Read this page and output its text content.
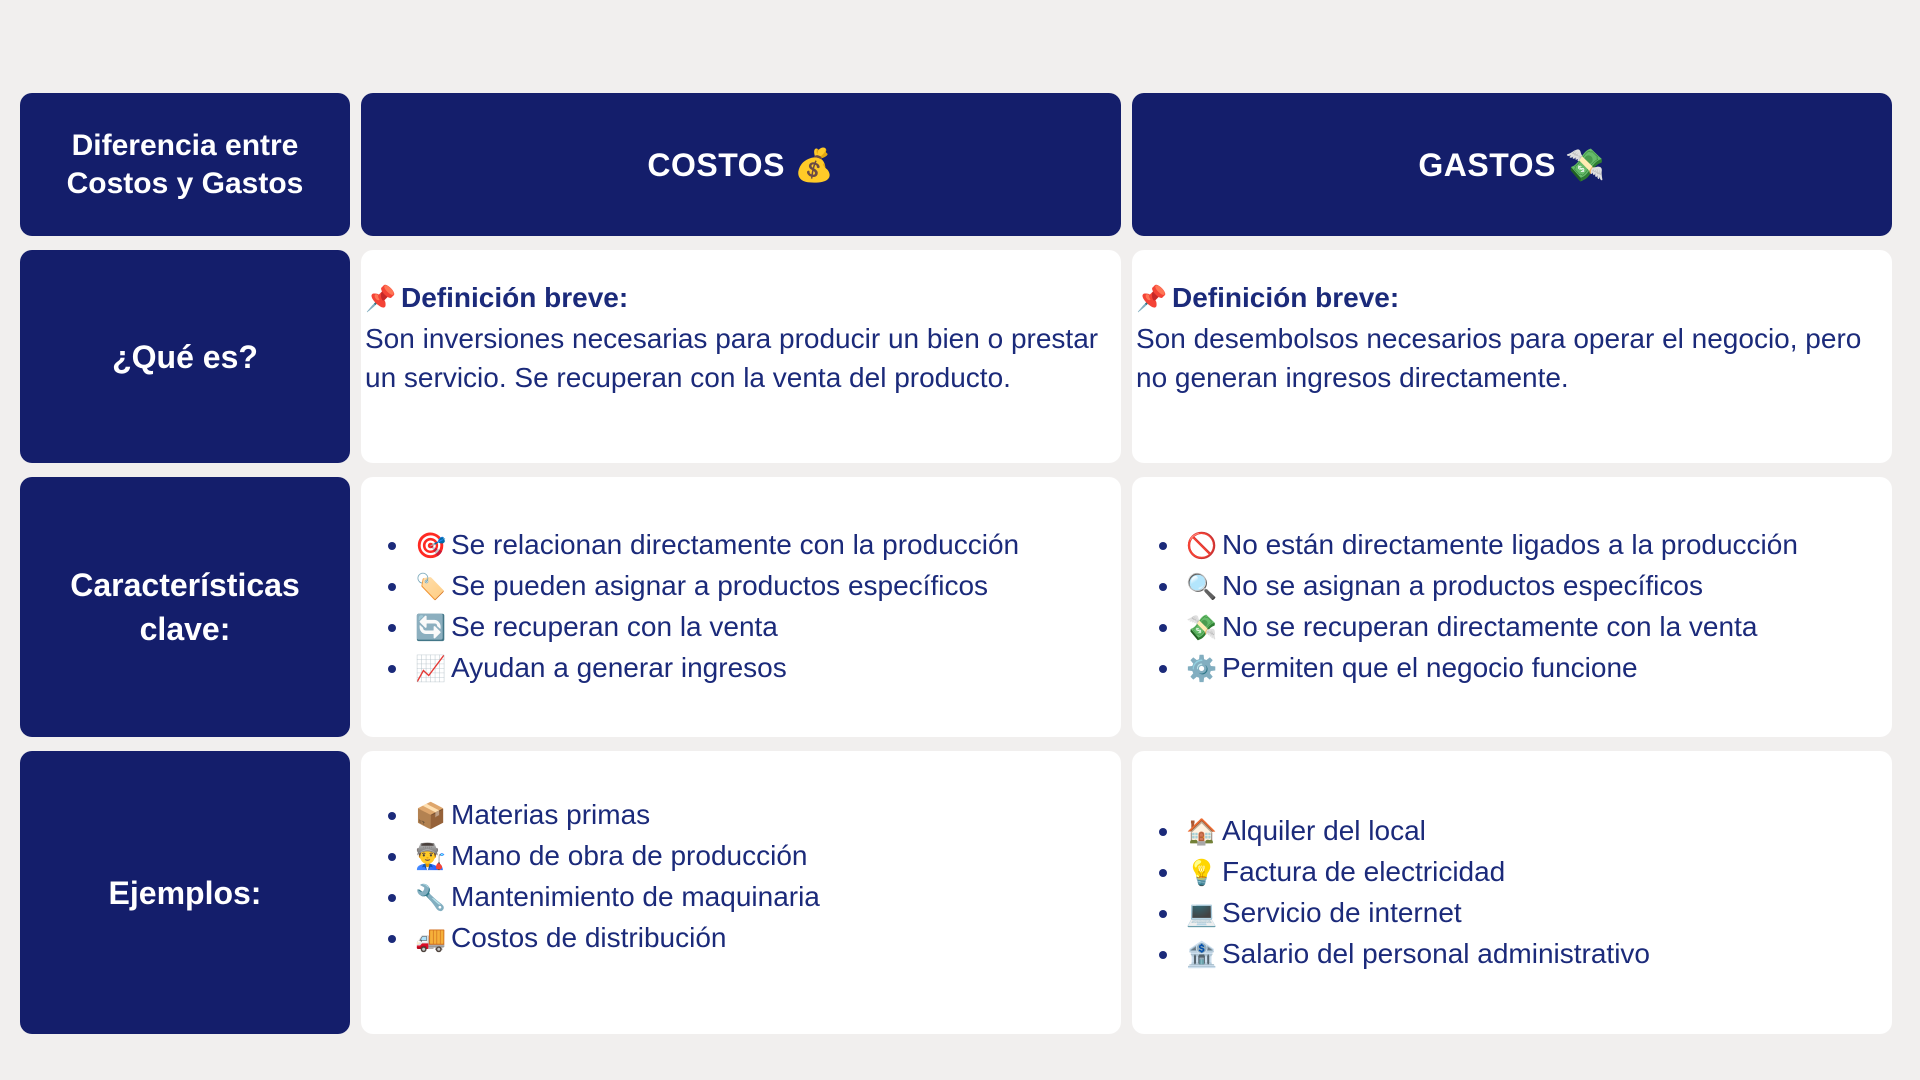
Diferencia entre Costos y Gastos
COSTOS 💰	GASTOS 💸
¿Qué es?
📌 Definición breve:
Son inversiones necesarias para producir un bien o prestar un servicio. Se recuperan con la venta del producto.
📌 Definición breve:
Son desembolsos necesarios para operar el negocio, pero no generan ingresos directamente.
Características clave:
• 🎯 Se relacionan directamente con la producción
• 🏷️ Se pueden asignar a productos específicos
• 🔄 Se recuperan con la venta
• 📈 Ayudan a generar ingresos
• 🚫 No están directamente ligados a la producción
• 🔍 No se asignan a productos específicos
• 💸 No se recuperan directamente con la venta
• ⚙️ Permiten que el negocio funcione
Ejemplos:
• 📦 Materias primas
• 👨‍🏭 Mano de obra de producción
• 🔧 Mantenimiento de maquinaria
• 🚚 Costos de distribución
• 🏠 Alquiler del local
• 💡 Factura de electricidad
• 💻 Servicio de internet
• 🏦 Salario del personal administrativo
